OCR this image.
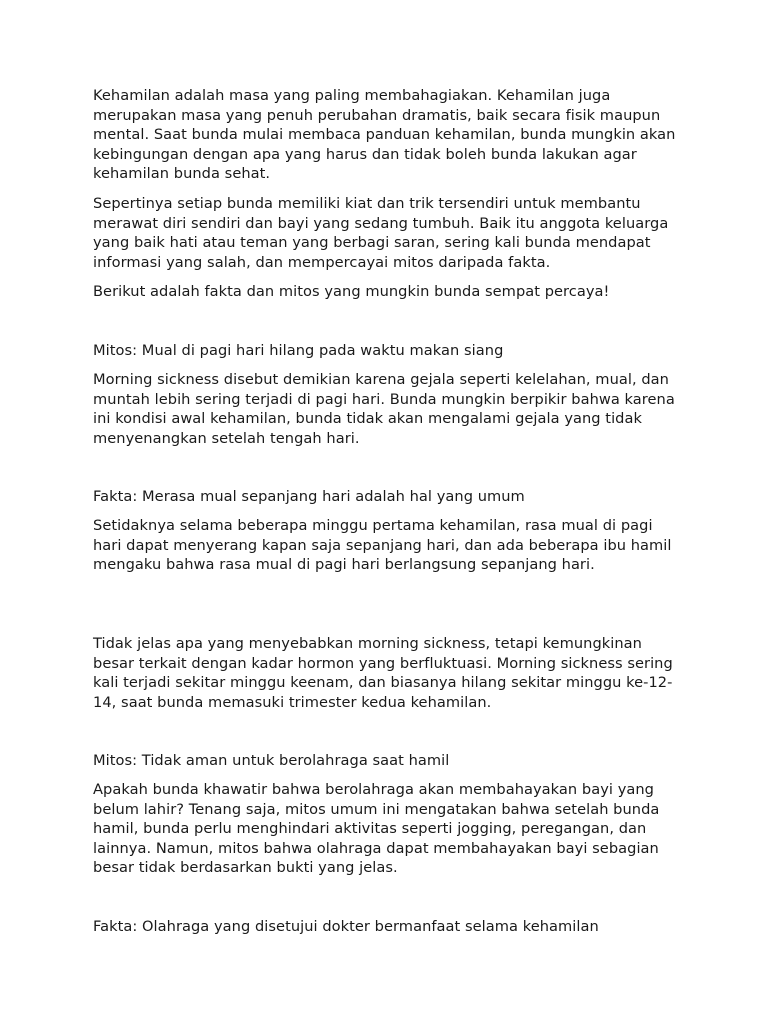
Kehamilan adalah masa yang paling membahagiakan. Kehamilan juga merupakan masa yang penuh perubahan dramatis, baik secara fisik maupun mental. Saat bunda mulai membaca panduan kehamilan, bunda mungkin akan kebingungan dengan apa yang harus dan tidak boleh bunda lakukan agar kehamilan bunda sehat.

Sepertinya setiap bunda memiliki kiat dan trik tersendiri untuk membantu merawat diri sendiri dan bayi yang sedang tumbuh. Baik itu anggota keluarga yang baik hati atau teman yang berbagi saran, sering kali bunda mendapat informasi yang salah, dan mempercayai mitos daripada fakta.

Berikut adalah fakta dan mitos yang mungkin bunda sempat percaya!

Mitos: Mual di pagi hari hilang pada waktu makan siang

Morning sickness disebut demikian karena gejala seperti kelelahan, mual, dan muntah lebih sering terjadi di pagi hari. Bunda mungkin berpikir bahwa karena ini kondisi awal kehamilan, bunda tidak akan mengalami gejala yang tidak menyenangkan setelah tengah hari.

Fakta: Merasa mual sepanjang hari adalah hal yang umum

Setidaknya selama beberapa minggu pertama kehamilan, rasa mual di pagi hari dapat menyerang kapan saja sepanjang hari, dan ada beberapa ibu hamil mengaku bahwa rasa mual di pagi hari berlangsung sepanjang hari.

Tidak jelas apa yang menyebabkan morning sickness, tetapi kemungkinan besar terkait dengan kadar hormon yang berfluktuasi. Morning sickness sering kali terjadi sekitar minggu keenam, dan biasanya hilang sekitar minggu ke-12-14, saat bunda memasuki trimester kedua kehamilan.

Mitos: Tidak aman untuk berolahraga saat hamil

Apakah bunda khawatir bahwa berolahraga akan membahayakan bayi yang belum lahir? Tenang saja, mitos umum ini mengatakan bahwa setelah bunda hamil, bunda perlu menghindari aktivitas seperti jogging, peregangan, dan lainnya. Namun, mitos bahwa olahraga dapat membahayakan bayi sebagian besar tidak berdasarkan bukti yang jelas.

Fakta: Olahraga yang disetujui dokter bermanfaat selama kehamilan
